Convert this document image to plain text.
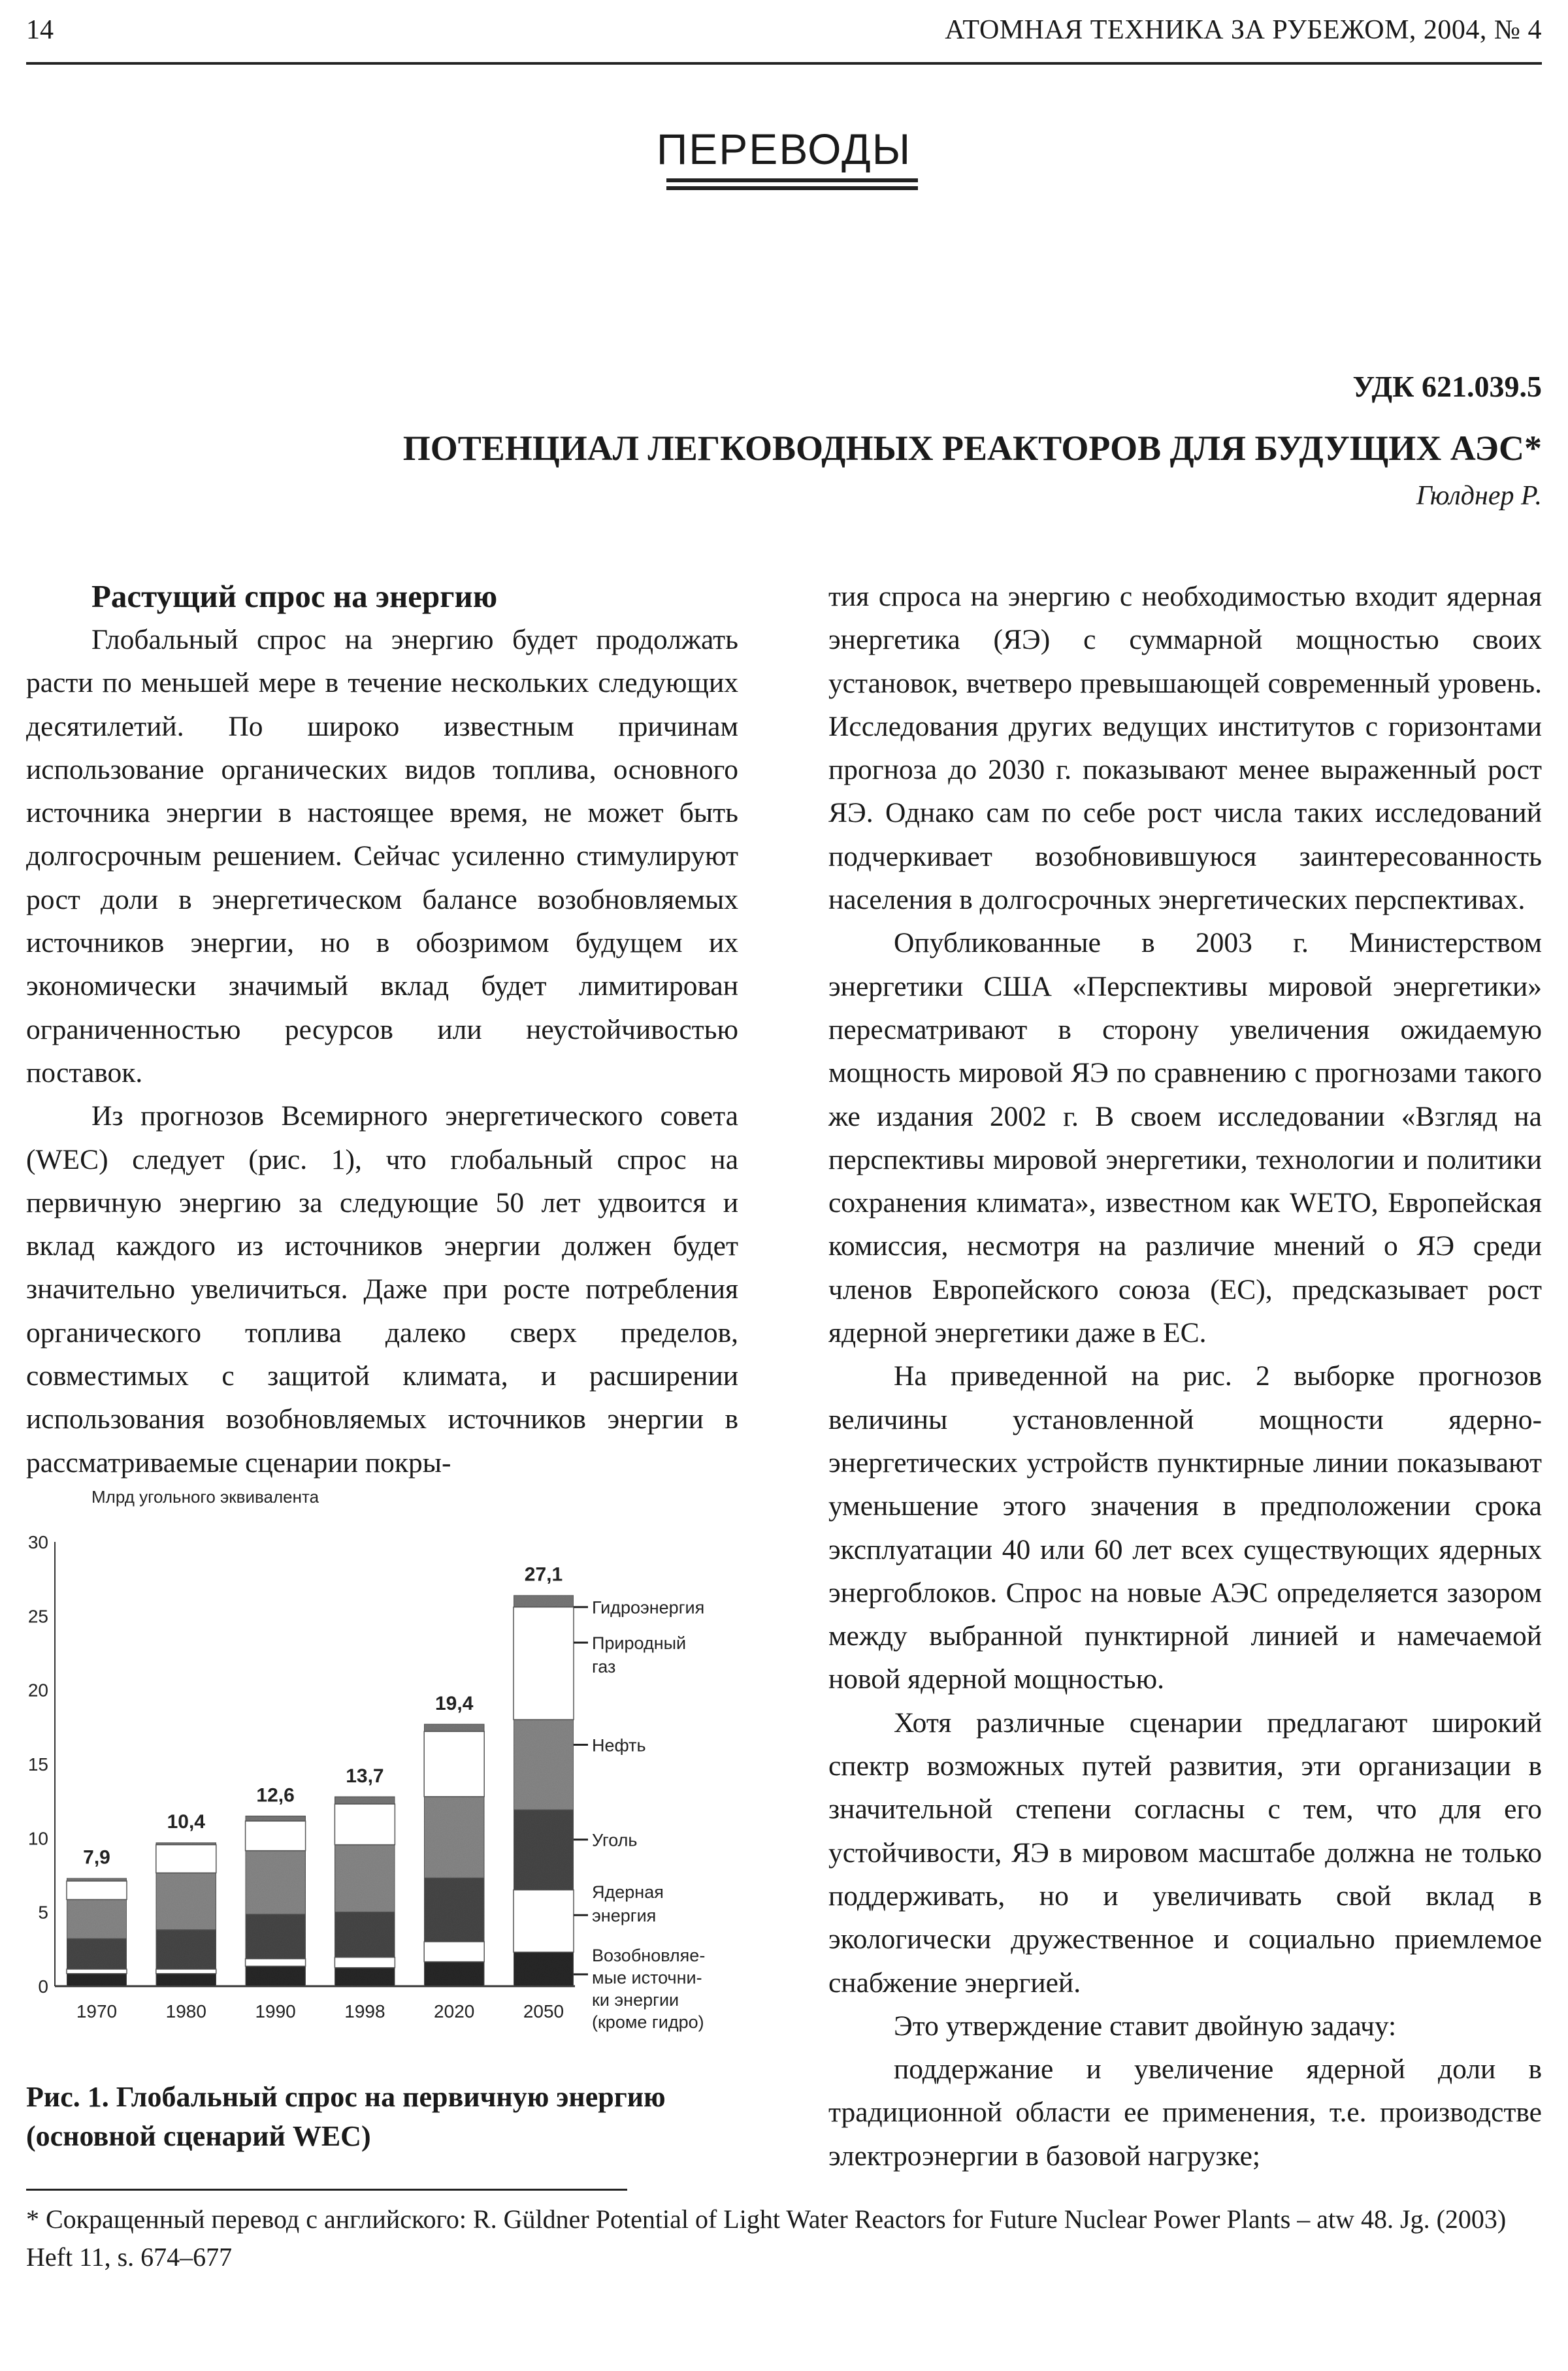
14	АТОМНАЯ ТЕХНИКА ЗА РУБЕЖОМ, 2004, № 4
ПЕРЕВОДЫ
УДК 621.039.5
ПОТЕНЦИАЛ ЛЕГКОВОДНЫХ РЕАКТОРОВ ДЛЯ БУДУЩИХ АЭС*
Гюлднер Р.
Растущий спрос на энергию

Глобальный спрос на энергию будет продолжать расти по меньшей мере в течение нескольких следующих десятилетий. По широко известным причинам использование органических видов топлива, основного источника энергии в настоящее время, не может быть долгосрочным решением. Сейчас усиленно стимулируют рост доли в энергетическом балансе возобновляемых источников энергии, но в обозримом будущем их экономически значимый вклад будет лимитирован ограниченностью ресурсов или неустойчивостью поставок.

Из прогнозов Всемирного энергетического совета (WEC) следует (рис. 1), что глобальный спрос на первичную энергию за следующие 50 лет удвоится и вклад каждого из источников энергии должен будет значительно увеличиться. Даже при росте потребления органического топлива далеко сверх пределов, совместимых с защитой климата, и расширении использования возобновляемых источников энергии в рассматриваемые сценарии покры-

тия спроса на энергию с необходимостью входит ядерная энергетика (ЯЭ) с суммарной мощностью своих установок, вчетверо превышающей современный уровень. Исследования других ведущих институтов с горизонтами прогноза до 2030 г. показывают менее выраженный рост ЯЭ. Однако сам по себе рост числа таких исследований подчеркивает возобновившуюся заинтересованность населения в долгосрочных энергетических перспективах.

Опубликованные в 2003 г. Министерством энергетики США «Перспективы мировой энергетики» пересматривают в сторону увеличения ожидаемую мощность мировой ЯЭ по сравнению с прогнозами такого же издания 2002 г. В своем исследовании «Взгляд на перспективы мировой энергетики, технологии и политики сохранения климата», известном как WETO, Европейская комиссия, несмотря на различие мнений о ЯЭ среди членов Европейского союза (ЕС), предсказывает рост ядерной энергетики даже в ЕС.

На приведенной на рис. 2 выборке прогнозов величины установленной мощности ядерно-энергетических устройств пунктирные линии показывают уменьшение этого значения в предположении срока эксплуатации 40 или 60 лет всех существующих ядерных энергоблоков. Спрос на новые АЭС определяется зазором между выбранной пунктирной линией и намечаемой новой ядерной мощностью.

Хотя различные сценарии предлагают широкий спектр возможных путей развития, эти организации в значительной степени согласны с тем, что для его устойчивости, ЯЭ в мировом масштабе должна не только поддерживать, но и увеличивать свой вклад в экологически дружественное и социально приемлемое снабжение энергией.

Это утверждение ставит двойную задачу:

поддержание и увеличение ядерной доли в традиционной области ее применения, т.е. производстве электроэнергии в базовой нагрузке;

Млрд угольного эквивалента
0
5
10
15
20
25
30
7,9
1970
10,4
1980
12,6
1990
13,7
1998
19,4
2020
27,1
2050
Гидроэнергия
Природный
газ
Нефть
Уголь
Ядерная
энергия
Возобновляе-
мые источни-
ки энергии
(кроме гидро)
Рис. 1. Глобальный спрос на первичную энергию (основной сценарий WEC)
* Сокращенный перевод с английского: R. Güldner Potential of Light Water Reactors for Future Nuclear Power Plants – atw 48. Jg. (2003) Heft 11, s. 674–677
